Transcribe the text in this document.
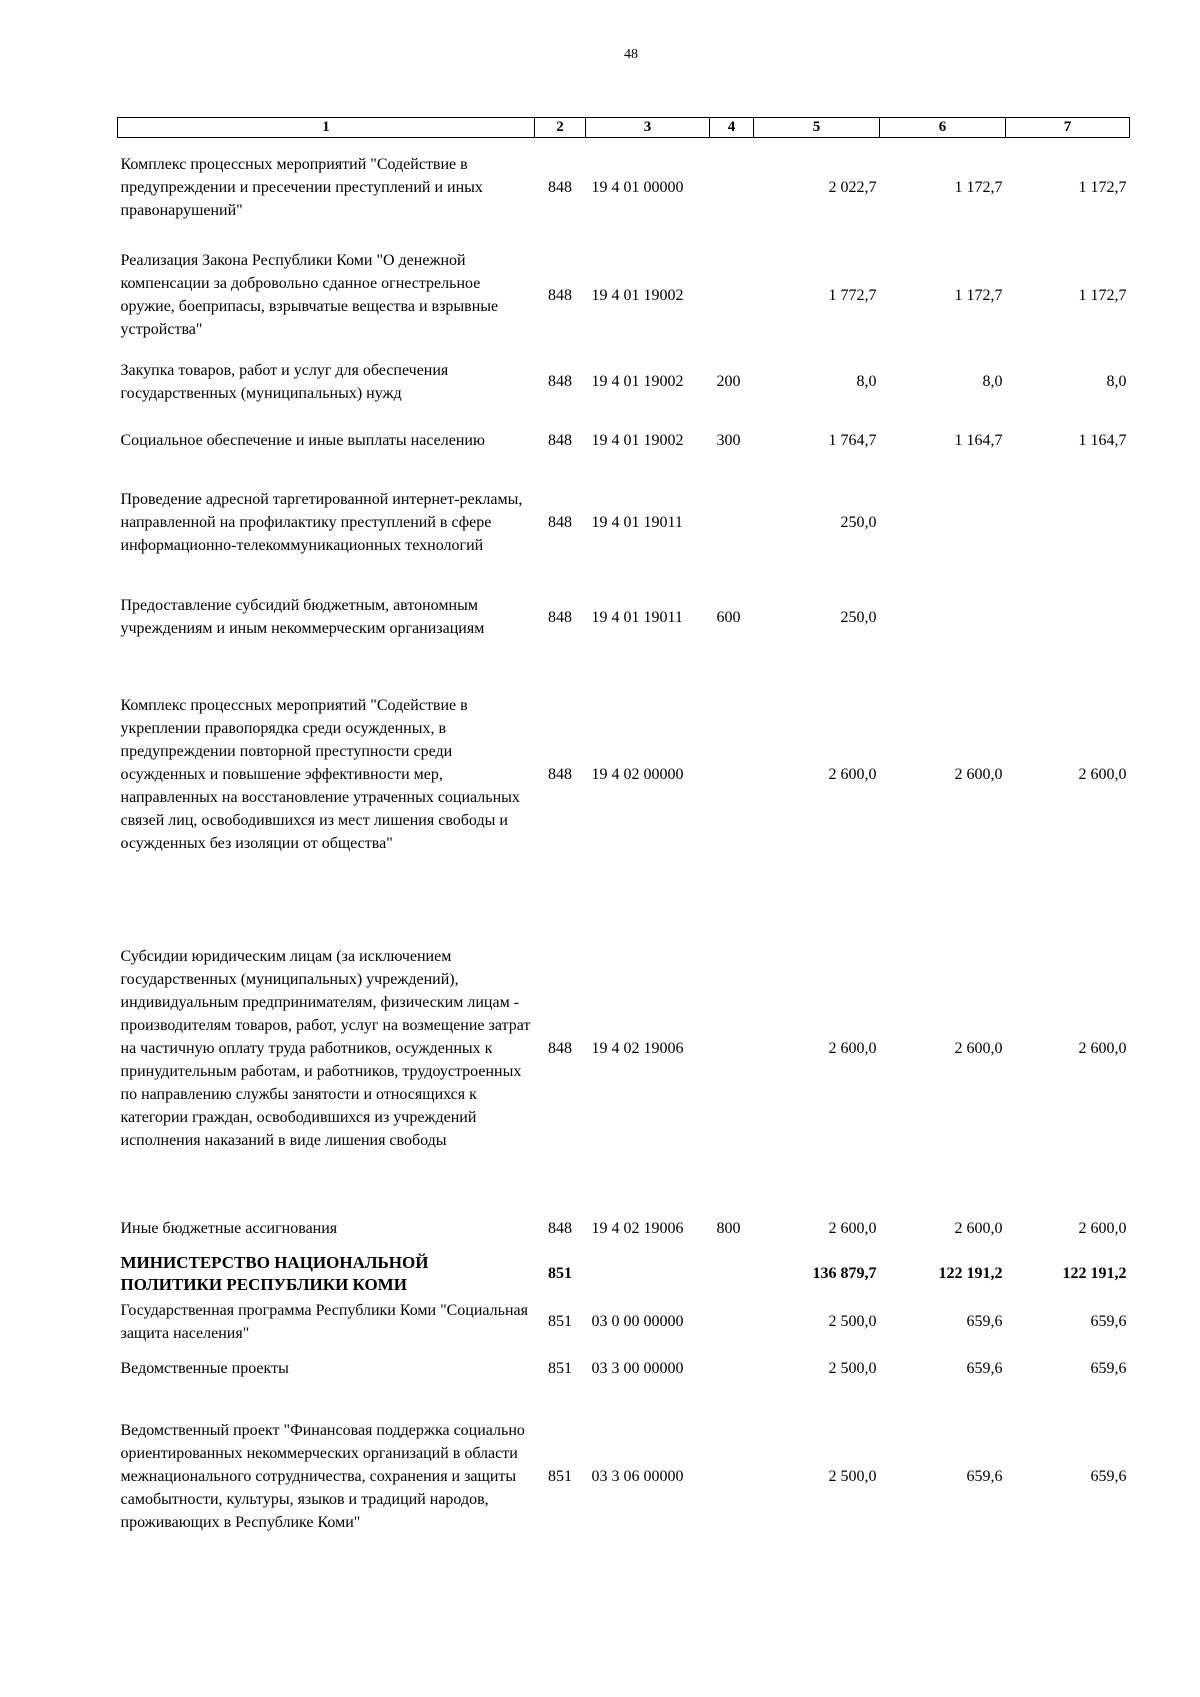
48
1	2	3	4	5	6	7
Комплекс процессных мероприятий "Содействие в предупреждении и пресечении преступлений и иных правонарушений"	848	19 4 01 00000		2 022,7	1 172,7	1 172,7
Реализация Закона Республики Коми "О денежной компенсации за добровольно сданное огнестрельное оружие, боеприпасы, взрывчатые вещества и взрывные устройства"	848	19 4 01 19002		1 772,7	1 172,7	1 172,7
Закупка товаров, работ и услуг для обеспечения государственных (муниципальных) нужд	848	19 4 01 19002	200	8,0	8,0	8,0
Социальное обеспечение и иные выплаты населению	848	19 4 01 19002	300	1 764,7	1 164,7	1 164,7
Проведение адресной таргетированной интернет-рекламы, направленной на профилактику преступлений в сфере информационно-телекоммуникационных технологий	848	19 4 01 19011		250,0		
Предоставление субсидий бюджетным, автономным учреждениям и иным некоммерческим организациям	848	19 4 01 19011	600	250,0		
Комплекс процессных мероприятий "Содействие в укреплении правопорядка среди осужденных, в предупреждении повторной преступности среди осужденных и повышение эффективности мер, направленных на восстановление утраченных социальных связей лиц, освободившихся из мест лишения свободы и осужденных без изоляции от общества"	848	19 4 02 00000		2 600,0	2 600,0	2 600,0
Субсидии юридическим лицам (за исключением государственных (муниципальных) учреждений), индивидуальным предпринимателям, физическим лицам - производителям товаров, работ, услуг на возмещение затрат на частичную оплату труда работников, осужденных к принудительным работам, и работников, трудоустроенных по направлению службы занятости и относящихся к категории граждан, освободившихся из учреждений исполнения наказаний в виде лишения свободы	848	19 4 02 19006		2 600,0	2 600,0	2 600,0
Иные бюджетные ассигнования	848	19 4 02 19006	800	2 600,0	2 600,0	2 600,0
МИНИСТЕРСТВО НАЦИОНАЛЬНОЙ ПОЛИТИКИ РЕСПУБЛИКИ КОМИ	851			136 879,7	122 191,2	122 191,2
Государственная программа Республики Коми "Социальная защита населения"	851	03 0 00 00000		2 500,0	659,6	659,6
Ведомственные проекты	851	03 3 00 00000		2 500,0	659,6	659,6
Ведомственный проект "Финансовая поддержка социально ориентированных некоммерческих организаций в области межнационального сотрудничества, сохранения и защиты самобытности, культуры, языков и традиций народов, проживающих в Республике Коми"	851	03 3 06 00000		2 500,0	659,6	659,6
